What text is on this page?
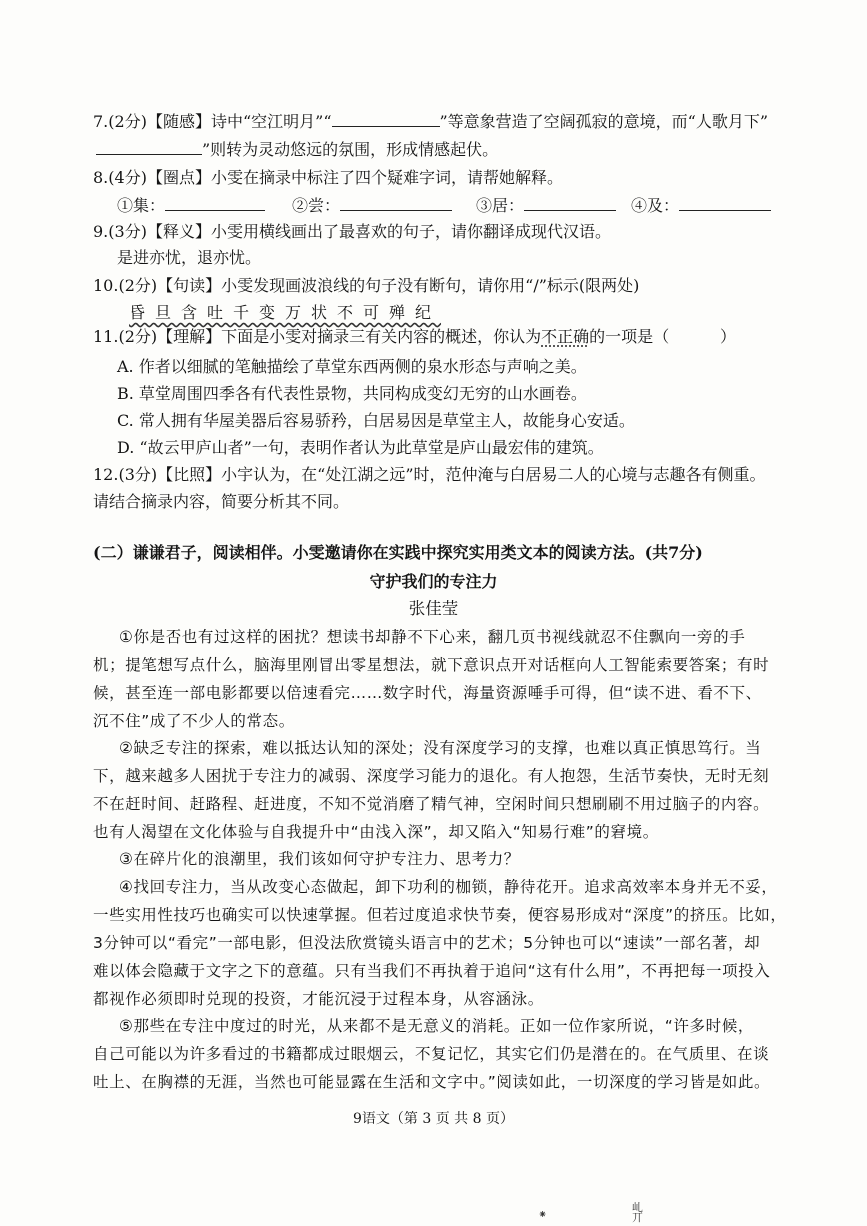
7.(2分)【随感】诗中“空江明月”“	”等意象营造了空阔孤寂的意境，而“人歌月下”
”则转为灵动悠远的氛围，形成情感起伏。
8.(4分)【圈点】小雯在摘录中标注了四个疑难字词，请帮她解释。
①集：	②尝：	③居：	④及：
9.(3分)【释义】小雯用横线画出了最喜欢的句子，请你翻译成现代汉语。
是进亦忧，退亦忧。
10.(2分)【句读】小雯发现画波浪线的句子没有断句，请你用“/”标示(限两处)
昏旦含吐千变万状不可殚纪
11.(2分)【理解】下面是小雯对摘录三有关内容的概述，你认为不正确的一项是（          ）
A. 作者以细腻的笔触描绘了草堂东西两侧的泉水形态与声响之美。
B. 草堂周围四季各有代表性景物，共同构成变幻无穷的山水画卷。
C. 常人拥有华屋美器后容易骄矜，白居易因是草堂主人，故能身心安适。
D. “故云甲庐山者”一句，表明作者认为此草堂是庐山最宏伟的建筑。
12.(3分)【比照】小宇认为，在“处江湖之远”时，范仲淹与白居易二人的心境与志趣各有侧重。
请结合摘录内容，简要分析其不同。
(二）谦谦君子，阅读相伴。小雯邀请你在实践中探究实用类文本的阅读方法。(共7分)
守护我们的专注力
张佳莹
①你是否也有过这样的困扰？想读书却静不下心来，翻几页书视线就忍不住飘向一旁的手
机；提笔想写点什么，脑海里刚冒出零星想法，就下意识点开对话框向人工智能索要答案；有时
候，甚至连一部电影都要以倍速看完……数字时代，海量资源唾手可得，但“读不进、看不下、
沉不住”成了不少人的常态。
②缺乏专注的探索，难以抵达认知的深处；没有深度学习的支撑，也难以真正慎思笃行。当
下，越来越多人困扰于专注力的减弱、深度学习能力的退化。有人抱怨，生活节奏快，无时无刻
不在赶时间、赶路程、赶进度，不知不觉消磨了精气神，空闲时间只想刷刷不用过脑子的内容。
也有人渴望在文化体验与自我提升中“由浅入深”，却又陷入“知易行难”的窘境。
③在碎片化的浪潮里，我们该如何守护专注力、思考力？
④找回专注力，当从改变心态做起，卸下功利的枷锁，静待花开。追求高效率本身并无不妥，
一些实用性技巧也确实可以快速掌握。但若过度追求快节奏，便容易形成对“深度”的挤压。比如，
3分钟可以“看完”一部电影，但没法欣赏镜头语言中的艺术；5分钟也可以“速读”一部名著，却
难以体会隐藏于文字之下的意蕴。只有当我们不再执着于追问“这有什么用”，不再把每一项投入
都视作必须即时兑现的投资，才能沉浸于过程本身，从容涵泳。
⑤那些在专注中度过的时光，从来都不是无意义的消耗。正如一位作家所说，“许多时候，
自己可能以为许多看过的书籍都成过眼烟云，不复记忆，其实它们仍是潜在的。在气质里、在谈
吐上、在胸襟的无涯，当然也可能显露在生活和文字中。”阅读如此，一切深度的学习皆是如此。
9语文（第 3 页 共 8 页）
⁕
乢
丌
